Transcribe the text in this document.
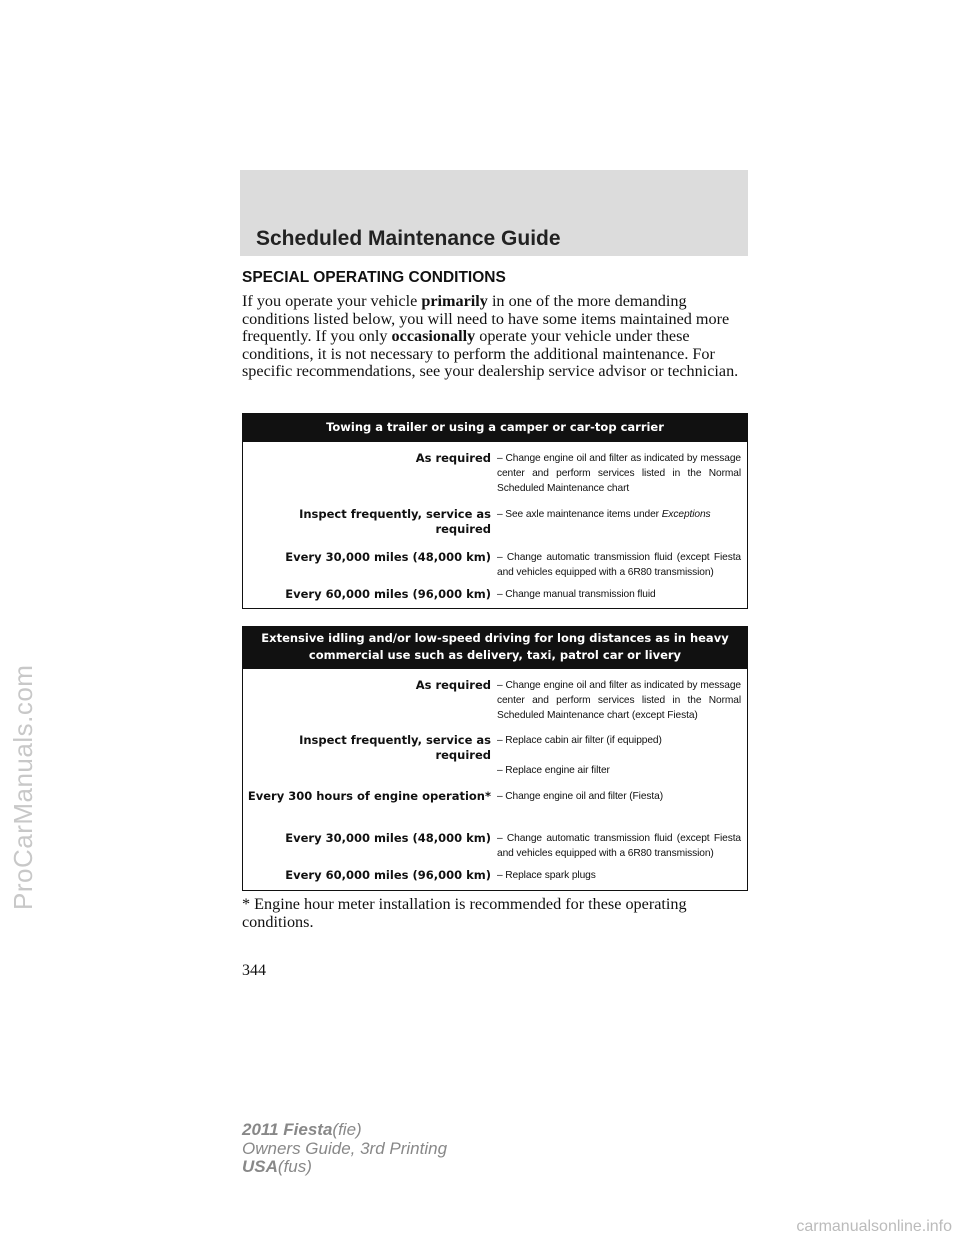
ProCarManuals.com
Scheduled Maintenance Guide
SPECIAL OPERATING CONDITIONS
If you operate your vehicle primarily in one of the more demanding conditions listed below, you will need to have some items maintained more frequently. If you only occasionally operate your vehicle under these conditions, it is not necessary to perform the additional maintenance. For specific recommendations, see your dealership service advisor or technician.
Towing a trailer or using a camper or car-top carrier
As required – Change engine oil and filter as indicated by message center and perform services listed in the Normal Scheduled Maintenance chart
Inspect frequently, service as required
– See axle maintenance items under Exceptions
Every 30,000 miles (48,000 km) – Change automatic transmission fluid (except Fiesta and vehicles equipped with a 6R80 transmission)
Every 60,000 miles (96,000 km) – Change manual transmission fluid
Extensive idling and/or low-speed driving for long distances as in heavy commercial use such as delivery, taxi, patrol car or livery
As required – Change engine oil and filter as indicated by message center and perform services listed in the Normal Scheduled Maintenance chart (except Fiesta)
Inspect frequently, service as required

– Replace cabin air filter (if equipped)

– Replace engine air filter

Every 300 hours of engine operation* – Change engine oil and filter (Fiesta)
Every 30,000 miles (48,000 km) – Change automatic transmission fluid (except Fiesta and vehicles equipped with a 6R80 transmission)
Every 60,000 miles (96,000 km) – Replace spark plugs
* Engine hour meter installation is recommended for these operating conditions.
344
2011 Fiesta(fie)
Owners Guide, 3rd Printing
USA(fus)
carmanualsonline.info
